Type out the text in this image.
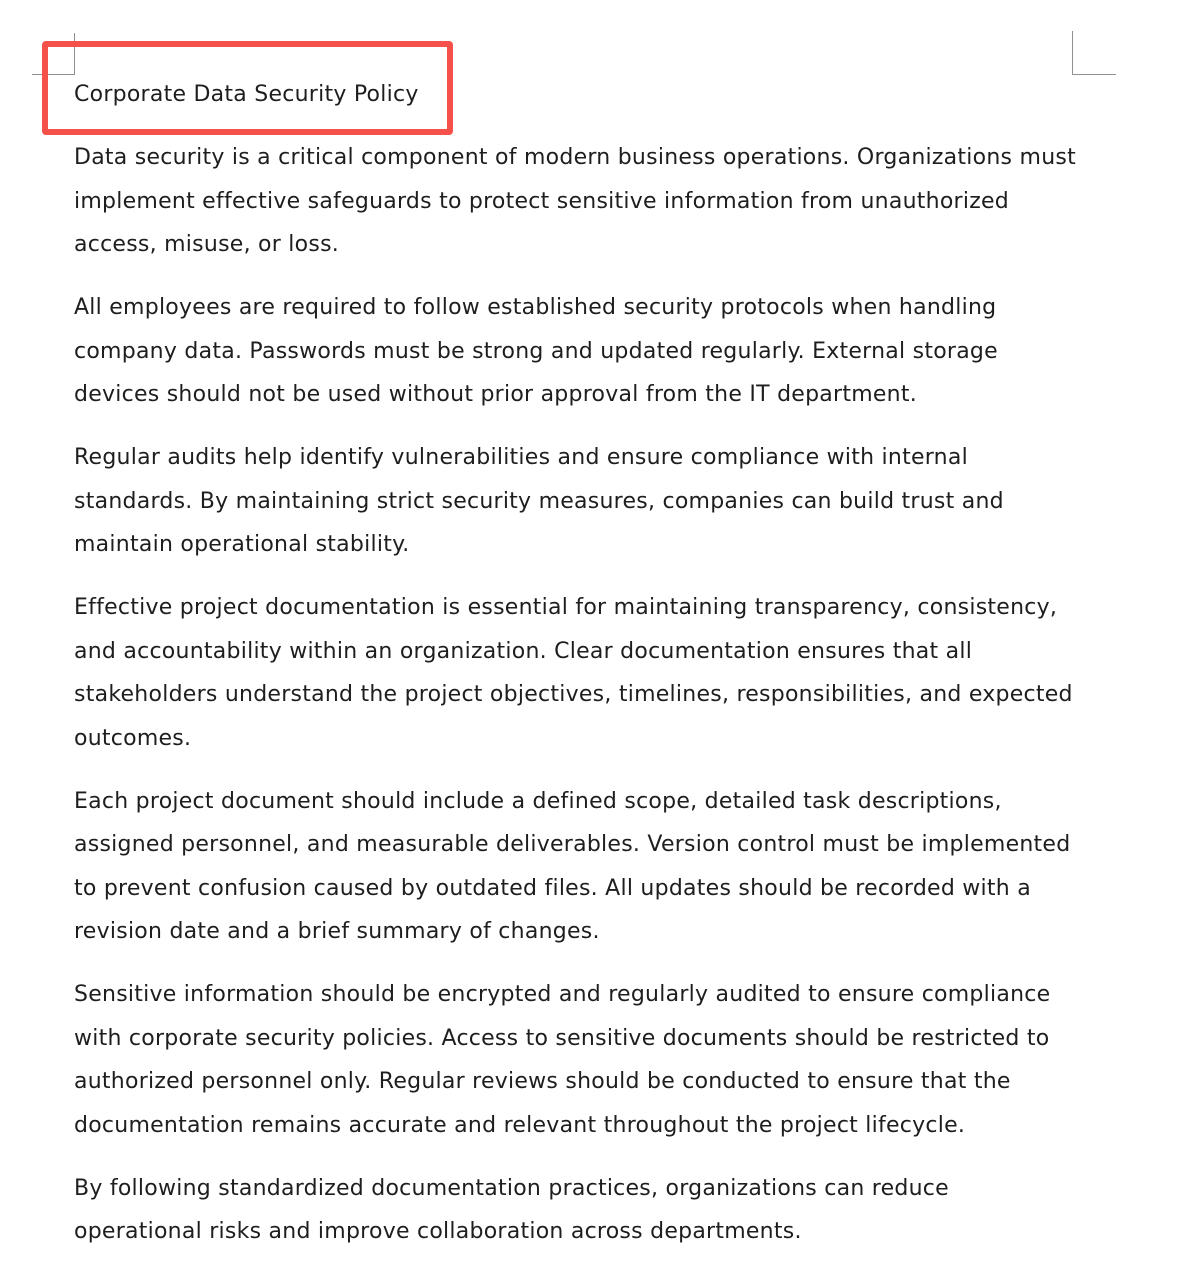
Corporate Data Security Policy

Data security is a critical component of modern business operations. Organizations must implement effective safeguards to protect sensitive information from unauthorized access, misuse, or loss.

All employees are required to follow established security protocols when handling company data. Passwords must be strong and updated regularly. External storage devices should not be used without prior approval from the IT department.

Regular audits help identify vulnerabilities and ensure compliance with internal standards. By maintaining strict security measures, companies can build trust and maintain operational stability.

Effective project documentation is essential for maintaining transparency, consistency, and accountability within an organization. Clear documentation ensures that all stakeholders understand the project objectives, timelines, responsibilities, and expected outcomes.

Each project document should include a defined scope, detailed task descriptions, assigned personnel, and measurable deliverables. Version control must be implemented to prevent confusion caused by outdated files. All updates should be recorded with a revision date and a brief summary of changes.

Sensitive information should be encrypted and regularly audited to ensure compliance with corporate security policies. Access to sensitive documents should be restricted to authorized personnel only. Regular reviews should be conducted to ensure that the documentation remains accurate and relevant throughout the project lifecycle.

By following standardized documentation practices, organizations can reduce operational risks and improve collaboration across departments.
